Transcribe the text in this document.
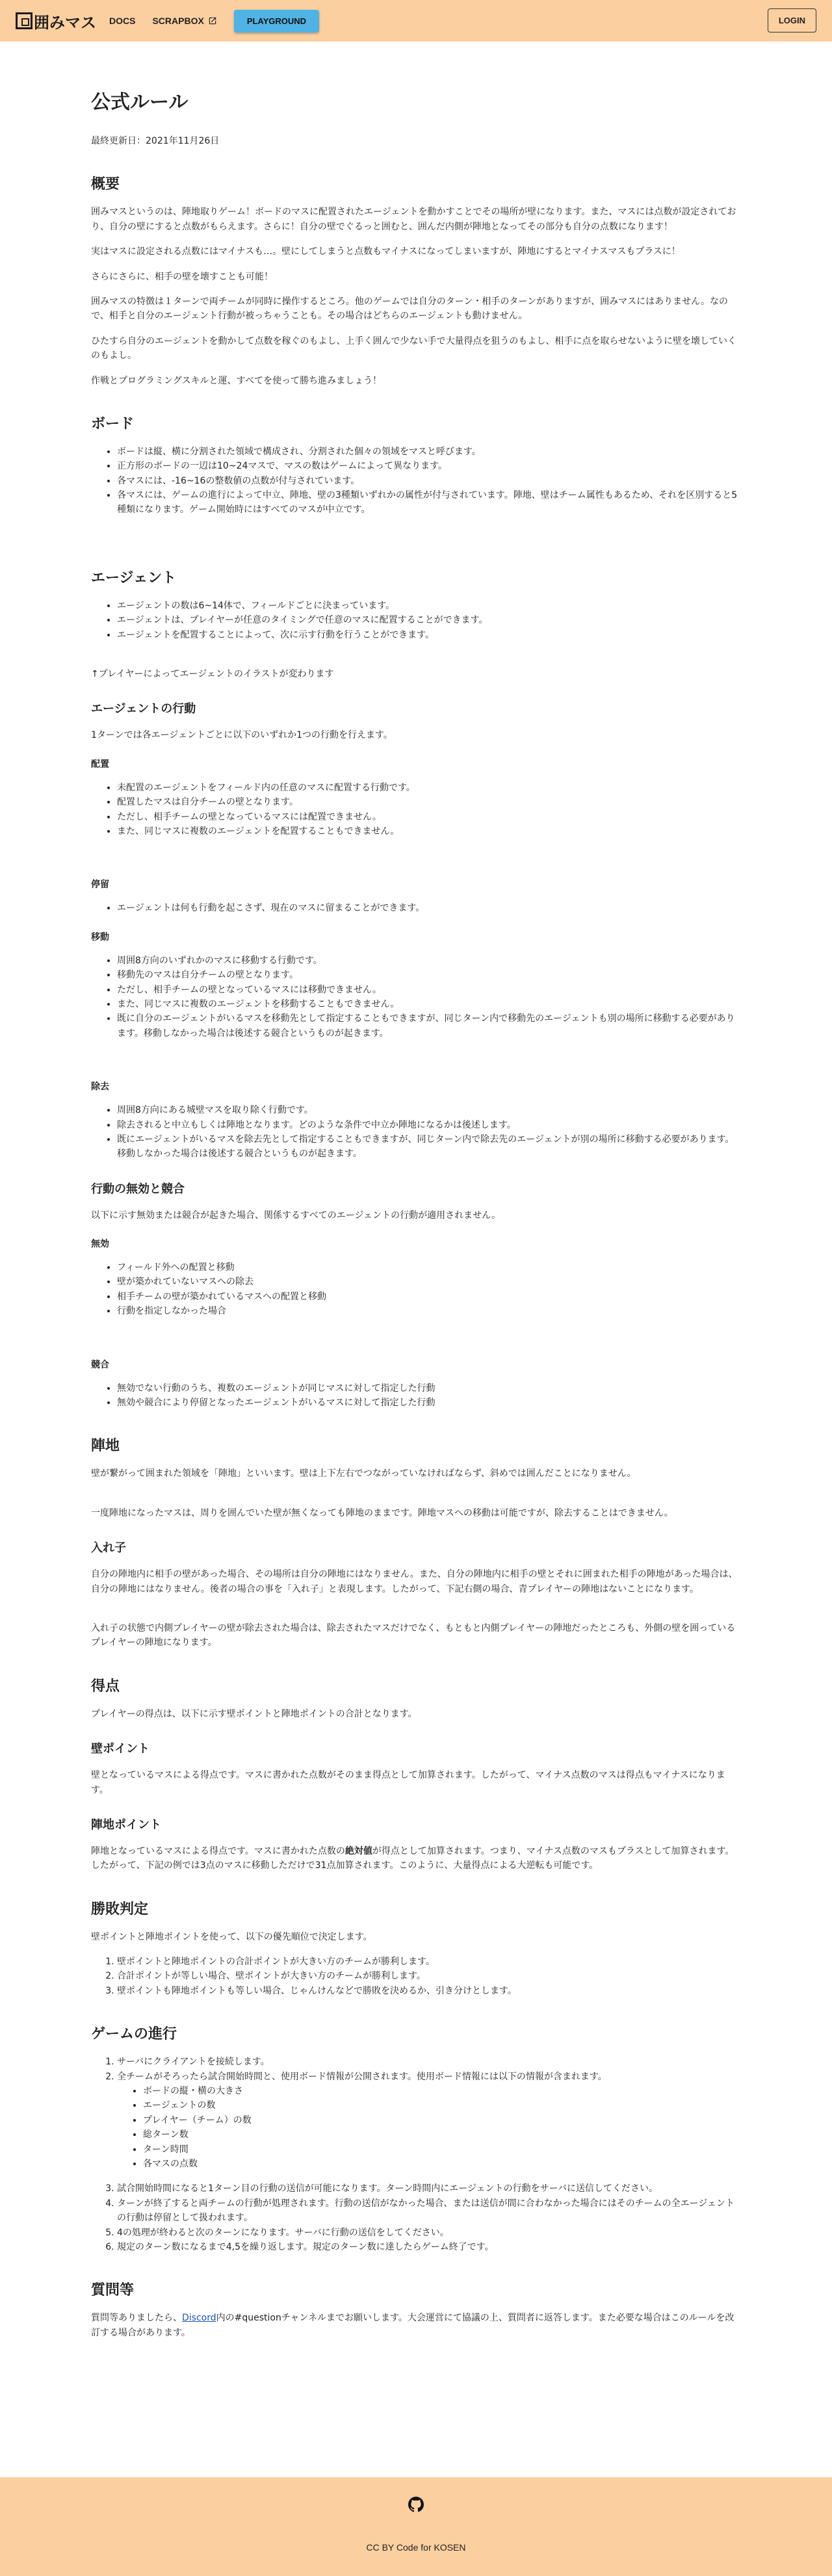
囲みマス DOCS SCRAPBOX	PLAYGROUND	LOGIN
公式ルール

最終更新日：2021年11月26日

概要

囲みマスというのは、陣地取りゲーム！ボードのマスに配置されたエージェントを動かすことでその場所が壁になります。また、マスには点数が設定されており、自分の壁にすると点数がもらえます。さらに！自分の壁でぐるっと囲むと、囲んだ内側が陣地となってその部分も自分の点数になります！

実はマスに設定される点数にはマイナスも…。壁にしてしまうと点数もマイナスになってしまいますが、陣地にするとマイナスマスもプラスに！

さらにさらに、相手の壁を壊すことも可能！

囲みマスの特徴は１ターンで両チームが同時に操作するところ。他のゲームでは自分のターン・相手のターンがありますが、囲みマスにはありません。なので、相手と自分のエージェント行動が被っちゃうことも。その場合はどちらのエージェントも動けません。

ひたすら自分のエージェントを動かして点数を稼ぐのもよし、上手く囲んで少ない手で大量得点を狙うのもよし、相手に点を取らせないように壁を壊していくのもよし。

作戦とプログラミングスキルと運、すべてを使って勝ち進みましょう！

ボード
• ボードは縦、横に分割された領域で構成され、分割された個々の領域をマスと呼びます。
• 正方形のボードの一辺は10~24マスで、マスの数はゲームによって異なります。
• 各マスには、-16~16の整数値の点数が付与されています。
• 各マスには、ゲームの進行によって中立、陣地、壁の3種類いずれかの属性が付与されています。陣地、壁はチーム属性もあるため、それを区別すると5種類になります。ゲーム開始時にはすべてのマスが中立です。
エージェント
• エージェントの数は6~14体で、フィールドごとに決まっています。
• エージェントは、プレイヤーが任意のタイミングで任意のマスに配置することができます。
• エージェントを配置することによって、次に示す行動を行うことができます。

↑プレイヤーによってエージェントのイラストが変わります

エージェントの行動

1ターンでは各エージェントごとに以下のいずれか1つの行動を行えます。

配置
• 未配置のエージェントをフィールド内の任意のマスに配置する行動です。
• 配置したマスは自分チームの壁となります。
• ただし、相手チームの壁となっているマスには配置できません。
• また、同じマスに複数のエージェントを配置することもできません。
停留
• エージェントは何も行動を起こさず、現在のマスに留まることができます。
移動
• 周囲8方向のいずれかのマスに移動する行動です。
• 移動先のマスは自分チームの壁となります。
• ただし、相手チームの壁となっているマスには移動できません。
• また、同じマスに複数のエージェントを移動することもできません。
• 既に自分のエージェントがいるマスを移動先として指定することもできますが、同じターン内で移動先のエージェントも別の場所に移動する必要があります。移動しなかった場合は後述する競合というものが起きます。
除去
• 周囲8方向にある城壁マスを取り除く行動です。
• 除去されると中立もしくは陣地となります。どのような条件で中立か陣地になるかは後述します。
• 既にエージェントがいるマスを除去先として指定することもできますが、同じターン内で除去先のエージェントが別の場所に移動する必要があります。移動しなかった場合は後述する競合というものが起きます。
行動の無効と競合

以下に示す無効または競合が起きた場合、関係するすべてのエージェントの行動が適用されません。

無効
• フィールド外への配置と移動
• 壁が築かれていないマスへの除去
• 相手チームの壁が築かれているマスへの配置と移動
• 行動を指定しなかった場合
競合
• 無効でない行動のうち、複数のエージェントが同じマスに対して指定した行動
• 無効や競合により停留となったエージェントがいるマスに対して指定した行動
陣地

壁が繋がって囲まれた領域を「陣地」といいます。壁は上下左右でつながっていなければならず、斜めでは囲んだことになりません。

一度陣地になったマスは、周りを囲んでいた壁が無くなっても陣地のままです。陣地マスへの移動は可能ですが、除去することはできません。

入れ子

自分の陣地内に相手の壁があった場合、その場所は自分の陣地にはなりません。また、自分の陣地内に相手の壁とそれに囲まれた相手の陣地があった場合は、自分の陣地にはなりません。後者の場合の事を「入れ子」と表現します。したがって、下記右側の場合、青プレイヤーの陣地はないことになります。

入れ子の状態で内側プレイヤーの壁が除去された場合は、除去されたマスだけでなく、もともと内側プレイヤーの陣地だったところも、外側の壁を囲っているプレイヤーの陣地になります。

得点

プレイヤーの得点は、以下に示す壁ポイントと陣地ポイントの合計となります。

壁ポイント

壁となっているマスによる得点です。マスに書かれた点数がそのまま得点として加算されます。したがって、マイナス点数のマスは得点もマイナスになります。

陣地ポイント

陣地となっているマスによる得点です。マスに書かれた点数の絶対値が得点として加算されます。つまり、マイナス点数のマスもプラスとして加算されます。したがって、下記の例では3点のマスに移動しただけで31点加算されます。このように、大量得点による大逆転も可能です。

勝敗判定

壁ポイントと陣地ポイントを使って、以下の優先順位で決定します。

1. 壁ポイントと陣地ポイントの合計ポイントが大きい方のチームが勝利します。
2. 合計ポイントが等しい場合、壁ポイントが大きい方のチームが勝利します。
3. 壁ポイントも陣地ポイントも等しい場合、じゃんけんなどで勝敗を決めるか、引き分けとします。
ゲームの進行
1. サーバにクライアントを接続します。
2. 全チームがそろったら試合開始時間と、使用ボード情報が公開されます。使用ボード情報には以下の情報が含まれます。
• ボードの縦・横の大きさ
• エージェントの数
• プレイヤー（チーム）の数
• 総ターン数
• ターン時間
• 各マスの点数
3. 試合開始時間になると1ターン目の行動の送信が可能になります。ターン時間内にエージェントの行動をサーバに送信してください。
4. ターンが終了すると両チームの行動が処理されます。行動の送信がなかった場合、または送信が間に合わなかった場合にはそのチームの全エージェントの行動は停留として扱われます。
5. 4の処理が終わると次のターンになります。サーバに行動の送信をしてください。
6. 規定のターン数になるまで4,5を繰り返します。規定のターン数に達したらゲーム終了です。
質問等

質問等ありましたら、Discord内の#questionチャンネルまでお願いします。大会運営にて協議の上、質問者に返答します。また必要な場合はこのルールを改訂する場合があります。

CC BY Code for KOSEN
